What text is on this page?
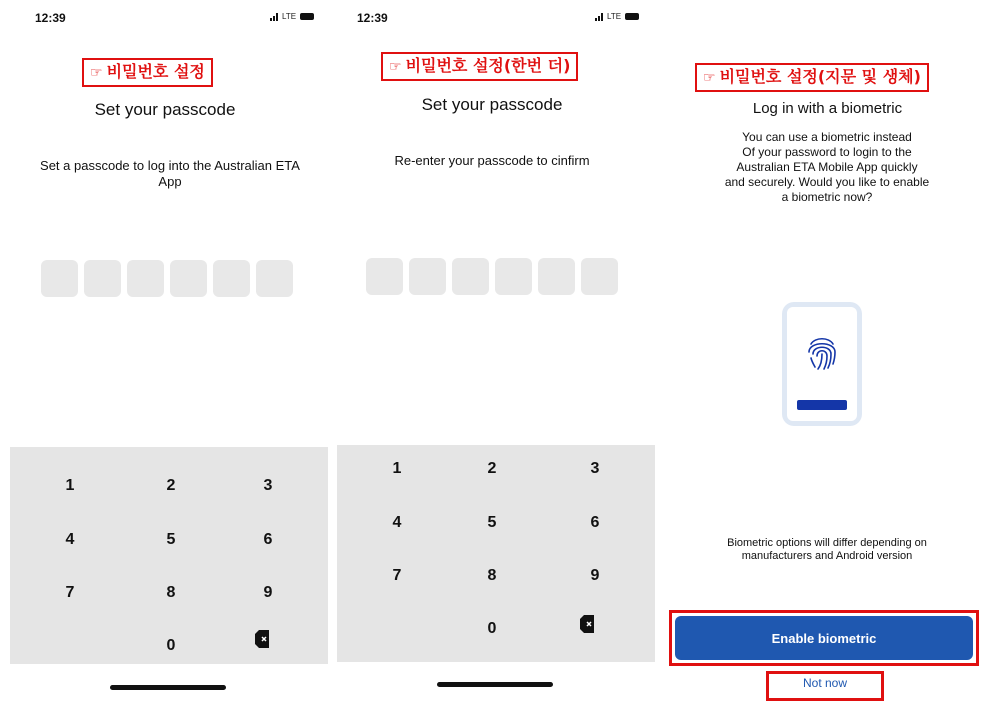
12:39	LTE
☞ 비밀번호 설정
Set your passcode
Set a passcode to log into the Australian ETA App
1	2	3
4	5	6
7	8	9
0
12:39	LTE
☞ 비밀번호 설정(한번 더)
Set your passcode
Re-enter your passcode to cinfirm
1	2	3
4	5	6
7	8	9
0
☞ 비밀번호 설정(지문 및 생체)
Log in with a biometric
You can use a biometric instead
Of your password to login to the
Australian ETA Mobile App quickly
and securely. Would you like to enable
a biometric now?
Biometric options will differ depending on
manufacturers and Android version
Enable biometric
Not now
